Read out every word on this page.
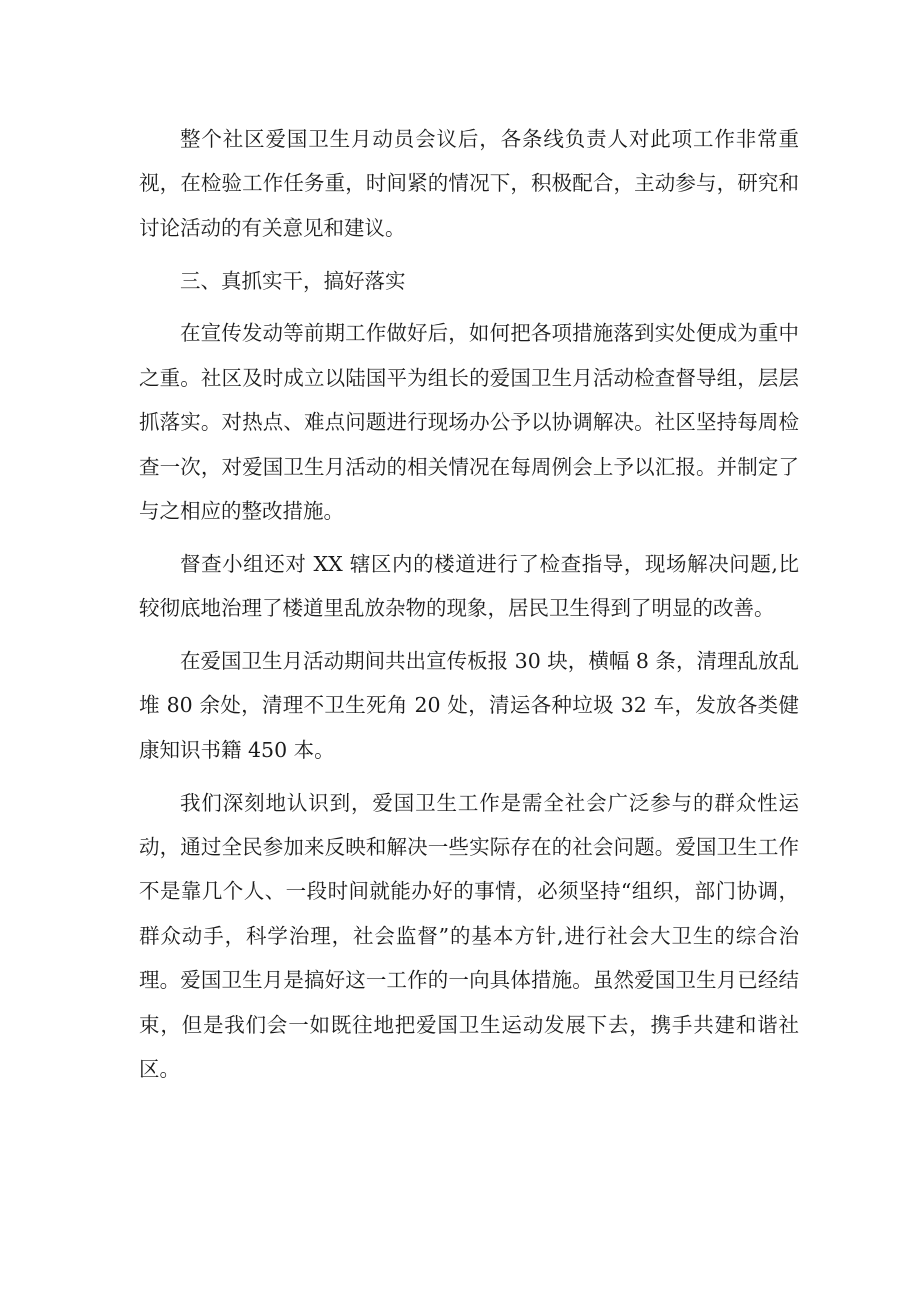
整个社区爱国卫生月动员会议后，各条线负责人对此项工作非常重视，在检验工作任务重，时间紧的情况下，积极配合，主动参与，研究和讨论活动的有关意见和建议。

三、真抓实干，搞好落实

在宣传发动等前期工作做好后，如何把各项措施落到实处便成为重中之重。社区及时成立以陆国平为组长的爱国卫生月活动检查督导组，层层抓落实。对热点、难点问题进行现场办公予以协调解决。社区坚持每周检查一次，对爱国卫生月活动的相关情况在每周例会上予以汇报。并制定了与之相应的整改措施。

督查小组还对 XX 辖区内的楼道进行了检查指导，现场解决问题,比较彻底地治理了楼道里乱放杂物的现象，居民卫生得到了明显的改善。

在爱国卫生月活动期间共出宣传板报 30 块，横幅 8 条，清理乱放乱堆 80 余处，清理不卫生死角 20 处，清运各种垃圾 32 车，发放各类健康知识书籍 450 本。

我们深刻地认识到，爱国卫生工作是需全社会广泛参与的群众性运动，通过全民参加来反映和解决一些实际存在的社会问题。爱国卫生工作不是靠几个人、一段时间就能办好的事情，必须坚持“组织，部门协调，群众动手，科学治理，社会监督”的基本方针,进行社会大卫生的综合治理。爱国卫生月是搞好这一工作的一向具体措施。虽然爱国卫生月已经结束，但是我们会一如既往地把爱国卫生运动发展下去，携手共建和谐社区。
